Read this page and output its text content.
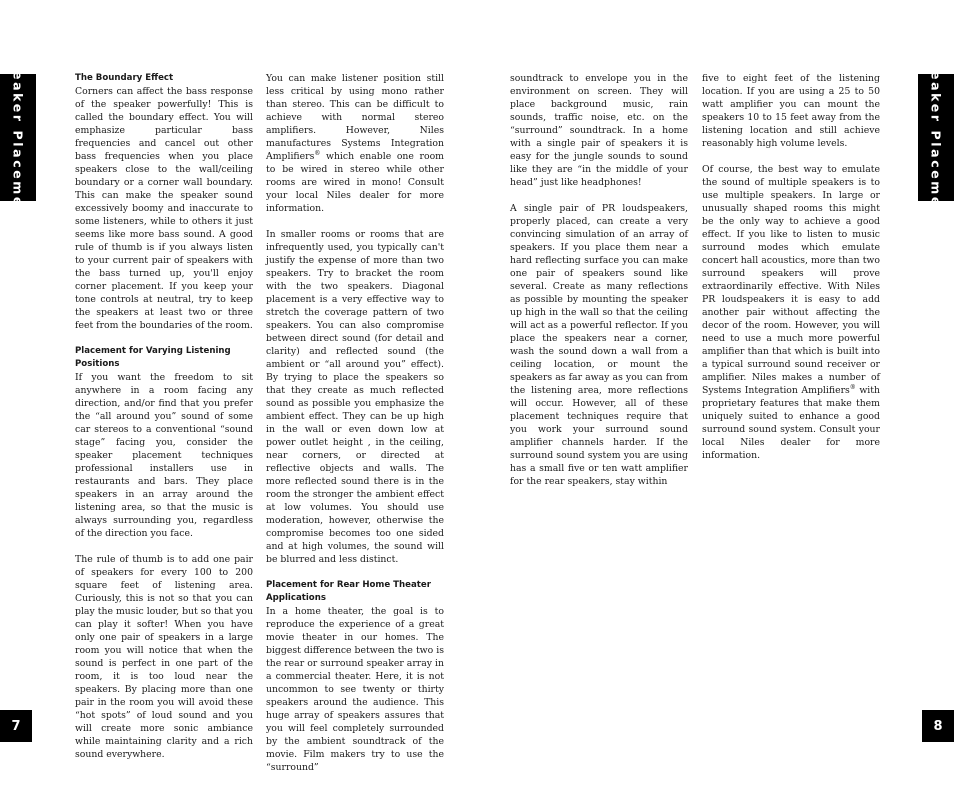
Speaker Placement	Speaker Placement
The Boundary Effect

Corners can affect the bass response of the speaker powerfully! This is called the boundary effect. You will emphasize particular bass frequencies and cancel out other bass frequencies when you place speakers close to the wall/ceiling boundary or a corner wall boundary. This can make the speaker sound excessively boomy and inaccurate to some listeners, while to others it just seems like more bass sound. A good rule of thumb is if you always listen to your current pair of speakers with the bass turned up, you'll enjoy corner placement. If you keep your tone controls at neutral, try to keep the speakers at least two or three feet from the boundaries of the room.

Placement for Varying Listening Positions

If you want the freedom to sit anywhere in a room facing any direction, and/or find that you prefer the “all around you” sound of some car stereos to a conventional “sound stage” facing you, consider the speaker placement techniques professional installers use in restaurants and bars. They place speakers in an array around the listening area, so that the music is always surrounding you, regardless of the direction you face.

The rule of thumb is to add one pair of speakers for every 100 to 200 square feet of listening area. Curiously, this is not so that you can play the music louder, but so that you can play it softer! When you have only one pair of speakers in a large room you will notice that when the sound is perfect in one part of the room, it is too loud near the speakers. By placing more than one pair in the room you will avoid these “hot spots” of loud sound and you will create more sonic ambiance while maintaining clarity and a rich sound everywhere.

You can make listener position still less critical by using mono rather than stereo. This can be difficult to achieve with normal stereo amplifiers. However, Niles manufactures Systems Integration Amplifiers® which enable one room to be wired in stereo while other rooms are wired in mono! Consult your local Niles dealer for more information.

In smaller rooms or rooms that are infrequently used, you typically can't justify the expense of more than two speakers. Try to bracket the room with the two speakers. Diagonal placement is a very effective way to stretch the coverage pattern of two speakers. You can also compromise between direct sound (for detail and clarity) and reflected sound (the ambient or “all around you” effect). By trying to place the speakers so that they create as much reflected sound as possible you emphasize the ambient effect. They can be up high in the wall or even down low at power outlet height , in the ceiling, near corners, or directed at reflective objects and walls. The more reflected sound there is in the room the stronger the ambient effect at low volumes. You should use moderation, however, otherwise the compromise becomes too one sided and at high volumes, the sound will be blurred and less distinct.

Placement for Rear Home Theater Applications

In a home theater, the goal is to reproduce the experience of a great movie theater in our homes. The biggest difference between the two is the rear or surround speaker array in a commercial theater. Here, it is not uncommon to see twenty or thirty speakers around the audience. This huge array of speakers assures that you will feel completely surrounded by the ambient soundtrack of the movie. Film makers try to use the “surround”

soundtrack to envelope you in the environment on screen. They will place background music, rain sounds, traffic noise, etc. on the “surround” soundtrack. In a home with a single pair of speakers it is easy for the jungle sounds to sound like they are “in the middle of your head” just like headphones!

A single pair of PR loudspeakers, properly placed, can create a very convincing simulation of an array of speakers. If you place them near a hard reflecting surface you can make one pair of speakers sound like several. Create as many reflections as possible by mounting the speaker up high in the wall so that the ceiling will act as a powerful reflector. If you place the speakers near a corner, wash the sound down a wall from a ceiling location, or mount the speakers as far away as you can from the listening area, more reflections will occur. However, all of these placement techniques require that you work your surround sound amplifier channels harder. If the surround sound system you are using has a small five or ten watt amplifier for the rear speakers, stay within

five to eight feet of the listening location. If you are using a 25 to 50 watt amplifier you can mount the speakers 10 to 15 feet away from the listening location and still achieve reasonably high volume levels.

Of course, the best way to emulate the sound of multiple speakers is to use multiple speakers. In large or unusually shaped rooms this might be the only way to achieve a good effect. If you like to listen to music surround modes which emulate concert hall acoustics, more than two surround speakers will prove extraordinarily effective. With Niles PR loudspeakers it is easy to add another pair without affecting the decor of the room. However, you will need to use a much more powerful amplifier than that which is built into a typical surround sound receiver or amplifier. Niles makes a number of Systems Integration Amplifiers® with proprietary features that make them uniquely suited to enhance a good surround sound system. Consult your local Niles dealer for more information.

7	8
